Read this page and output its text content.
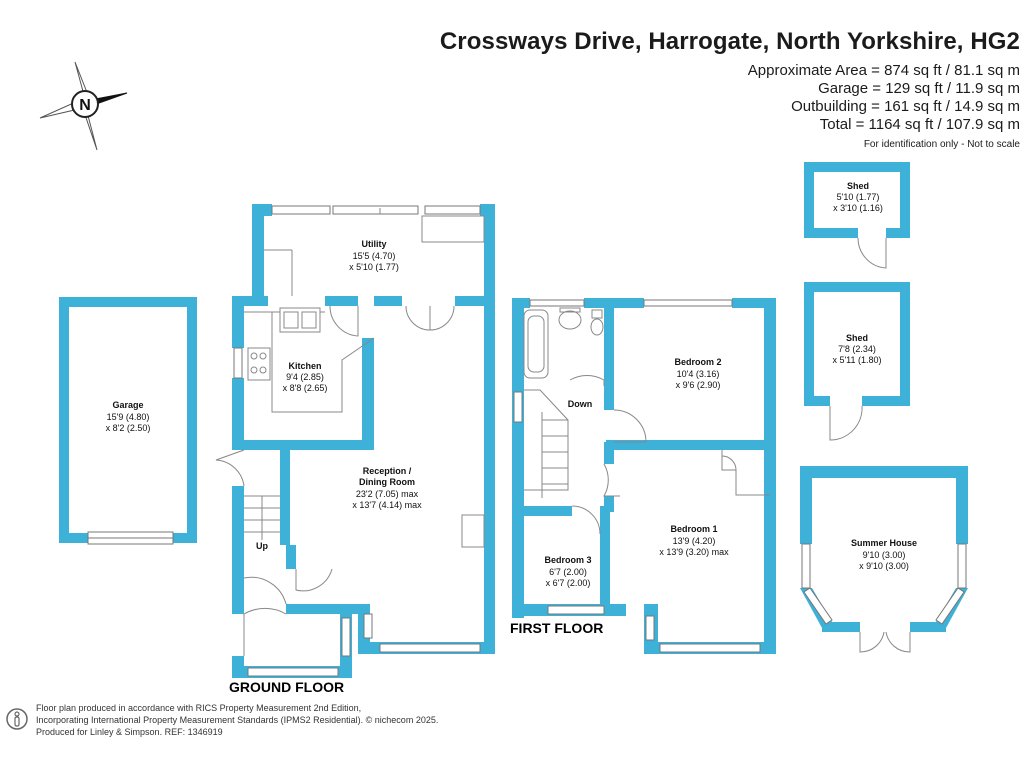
Crossways Drive, Harrogate, North Yorkshire, HG2

Approximate Area = 874 sq ft / 81.1 sq m

Garage = 129 sq ft / 11.9 sq m

Outbuilding = 161 sq ft / 14.9 sq m

Total = 1164 sq ft / 107.9 sq m

For identification only - Not to scale
N
Garage
15'9 (4.80)
x 8'2 (2.50)
Utility
15'5 (4.70)
x 5'10 (1.77)
Kitchen
9'4 (2.85)
x 8'8 (2.65)
Reception /
Dining Room
23'2 (7.05) max
x 13'7 (4.14) max
Up
Down
Bedroom 2
10'4 (3.16)
x 9'6 (2.90)
Bedroom 1
13'9 (4.20)
x 13'9 (3.20) max
Bedroom 3
6'7 (2.00)
x 6'7 (2.00)
Shed
5'10 (1.77)
x 3'10 (1.16)
Shed
7'8 (2.34)
x 5'11 (1.80)
Summer House
9'10 (3.00)
x 9'10 (3.00)
GROUND FLOOR
FIRST FLOOR
Floor plan produced in accordance with RICS Property Measurement 2nd Edition,
Incorporating International Property Measurement Standards (IPMS2 Residential). © nichecom 2025.
Produced for Linley & Simpson. REF: 1346919
